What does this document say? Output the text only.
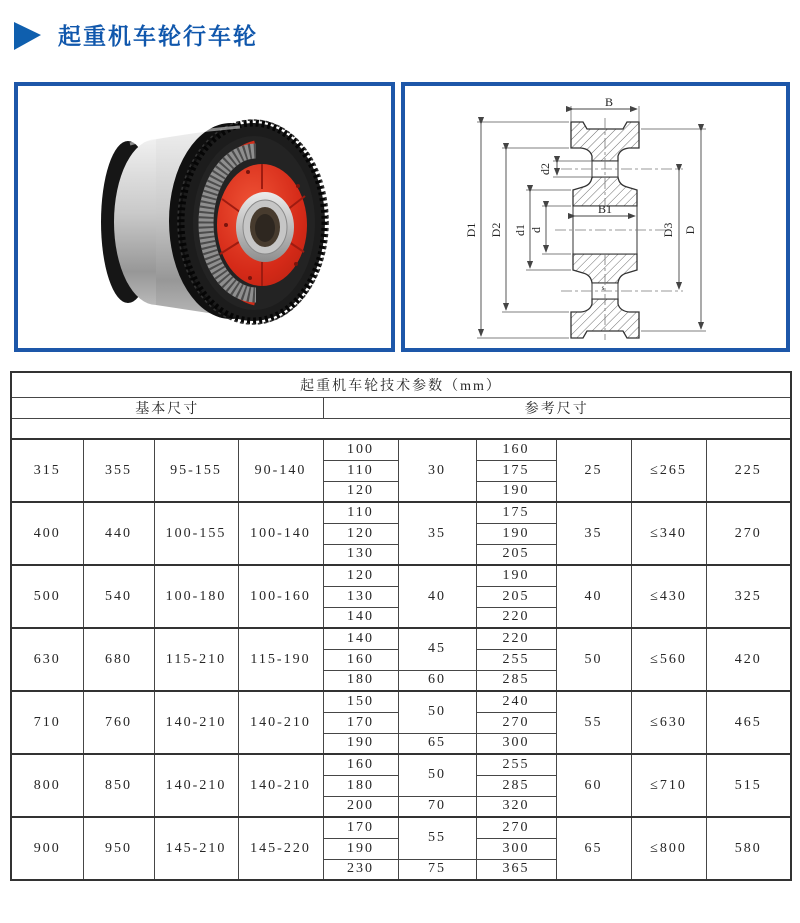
起重机车轮行车轮
B
B1
D1 D2 d1 d
d2
D3 D
s
起重机车轮技术参数（mm）									
基本尺寸				参考尺寸					

315	355	95-155	90-140	100	30	160	25	≤265	225
				110		175			
				120		190			
400	440	100-155	100-140	110	35	175	35	≤340	270
				120		190			
				130		205			
500	540	100-180	100-160	120	40	190	40	≤430	325
				130		205			
				140		220			
630	680	115-210	115-190	140	45	220	50	≤560	420
				160		255			
				180	60	285			
710	760	140-210	140-210	150	50	240	55	≤630	465
				170		270			
				190	65	300			
800	850	140-210	140-210	160	50	255	60	≤710	515
				180		285			
				200	70	320			
900	950	145-210	145-220	170	55	270	65	≤800	580
				190		300			
				230	75	365			
